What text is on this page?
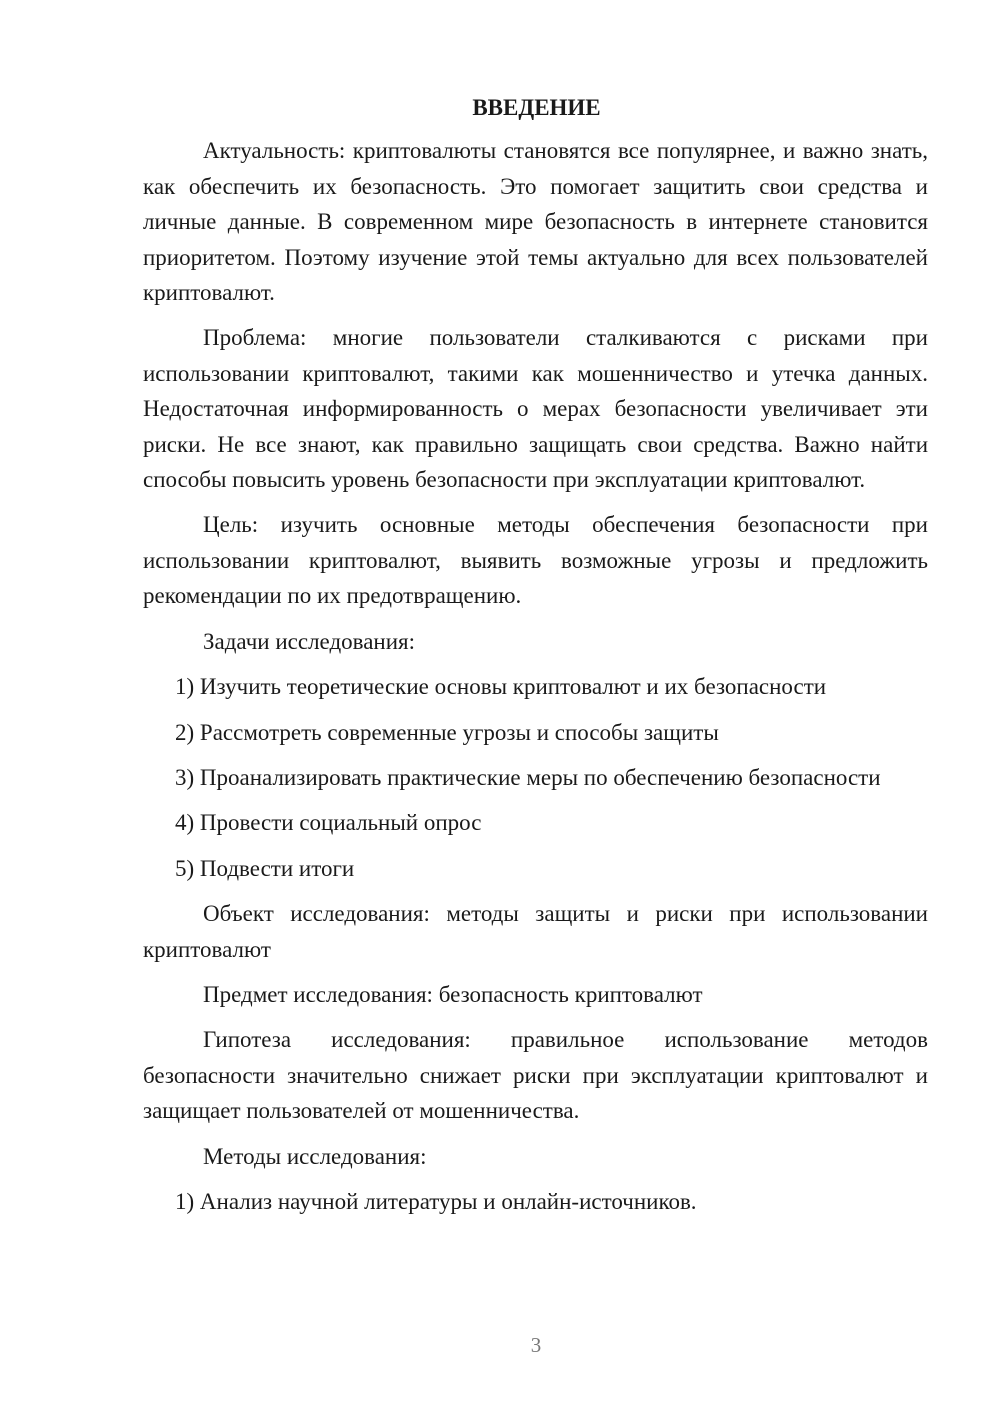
ВВЕДЕНИЕ

Актуальность: криптовалюты становятся все популярнее, и важно знать, как обеспечить их безопасность. Это помогает защитить свои средства и личные данные. В современном мире безопасность в интернете становится приоритетом. Поэтому изучение этой темы актуально для всех пользователей криптовалют.

Проблема: многие пользователи сталкиваются с рисками при использовании криптовалют, такими как мошенничество и утечка данных. Недостаточная информированность о мерах безопасности увеличивает эти риски. Не все знают, как правильно защищать свои средства. Важно найти способы повысить уровень безопасности при эксплуатации криптовалют.

Цель: изучить основные методы обеспечения безопасности при использовании криптовалют, выявить возможные угрозы и предложить рекомендации по их предотвращению.

Задачи исследования:

1) Изучить теоретические основы криптовалют и их безопасности

2) Рассмотреть современные угрозы и способы защиты

3) Проанализировать практические меры по обеспечению безопасности

4) Провести социальный опрос

5) Подвести итоги

Объект исследования: методы защиты и риски при использовании криптовалют

Предмет исследования: безопасность криптовалют

Гипотеза исследования: правильное использование методов безопасности значительно снижает риски при эксплуатации криптовалют и защищает пользователей от мошенничества.

Методы исследования:

1) Анализ научной литературы и онлайн-источников.

3
